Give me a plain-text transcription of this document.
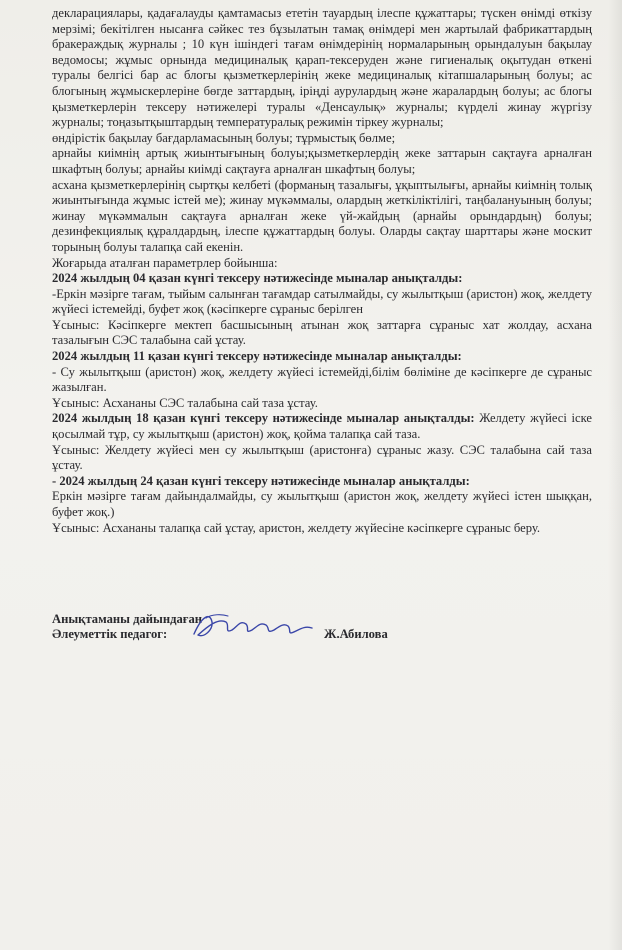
декларациялары, қадағалауды қамтамасыз ететін тауардың ілеспе құжаттары; түскен өнімді өткізу мерзімі; бекітілген нысанға сәйкес тез бұзылатын тамақ өнімдері мен жартылай фабрикаттардың бракераждық журналы ; 10 күн ішіндегі тағам өнімдерінің нормаларының орындалуын бақылау ведомосы; жұмыс орнында медициналық қарап-тексеруден және гигиеналық оқытудан өткені туралы белгісі бар ас блогы қызметкерлерінің жеке медициналық кітапшаларының болуы; ас блогының жұмыскерлеріне бөгде заттардың, іріңді аурулардың және жаралардың болуы; ас блогы қызметкерлерін тексеру нәтижелері туралы «Денсаулық» журналы; күрделі жинау жүргізу журналы; тоңазытқыштардың температуралық режимін тіркеу журналы;

өндірістік бақылау бағдарламасының болуы; тұрмыстық бөлме;

арнайы киімнің артық жиынтығының болуы;қызметкерлердің жеке заттарын сақтауға арналған шкафтың болуы; арнайы киімді сақтауға арналған шкафтың болуы;

асхана қызметкерлерінің сыртқы келбеті (форманың тазалығы, ұқыптылығы, арнайы киімнің толық жиынтығында жұмыс істей ме); жинау мүкәммалы, олардың жеткіліктілігі, таңбалануының болуы; жинау мүкәммалын сақтауға арналған жеке үй-жайдың (арнайы орындардың) болуы; дезинфекциялық құралдардың, ілеспе құжаттардың болуы. Оларды сақтау шарттары және москит торының болуы талапқа сай екенін.

Жоғарыда аталған параметрлер бойынша:

2024 жылдың 04 қазан күнгі тексеру нәтижесінде мыналар анықталды:

-Еркін мәзірге тағам, тыйым салынған тағамдар сатылмайды, су жылытқыш (аристон) жоқ, желдету жүйесі істемейді, буфет жоқ (кәсіпкерге сұраныс берілген

Ұсыныс: Кәсіпкерге мектеп басшысының атынан жоқ заттарға сұраныс хат жолдау, асхана тазалығын СЭС талабына сай ұстау.

2024 жылдың 11 қазан күнгі тексеру нәтижесінде мыналар анықталды:

- Су жылытқыш (аристон) жоқ, желдету жүйесі істемейді,білім бөліміне де кәсіпкерге де сұраныс жазылған.

Ұсыныс: Асхананы СЭС талабына сай таза ұстау.

2024 жылдың 18 қазан күнгі тексеру нәтижесінде мыналар анықталды: Желдету жүйесі іске қосылмай тұр, су жылытқыш (аристон) жоқ, қойма талапқа сай таза.

Ұсыныс: Желдету жүйесі мен су жылытқыш (аристонға) сұраныс жазу. СЭС талабына сай таза ұстау.

- 2024 жылдың 24 қазан күнгі тексеру нәтижесінде мыналар анықталды:

Еркін мәзірге тағам дайындалмайды, су жылытқыш (аристон жоқ, желдету жүйесі істен шыққан, буфет жоқ.)

Ұсыныс: Асхананы талапқа сай ұстау, аристон, желдету жүйесіне кәсіпкерге сұраныс беру.

Анықтаманы дайындаған
Әлеуметтік педагог:	Ж.Абилова
